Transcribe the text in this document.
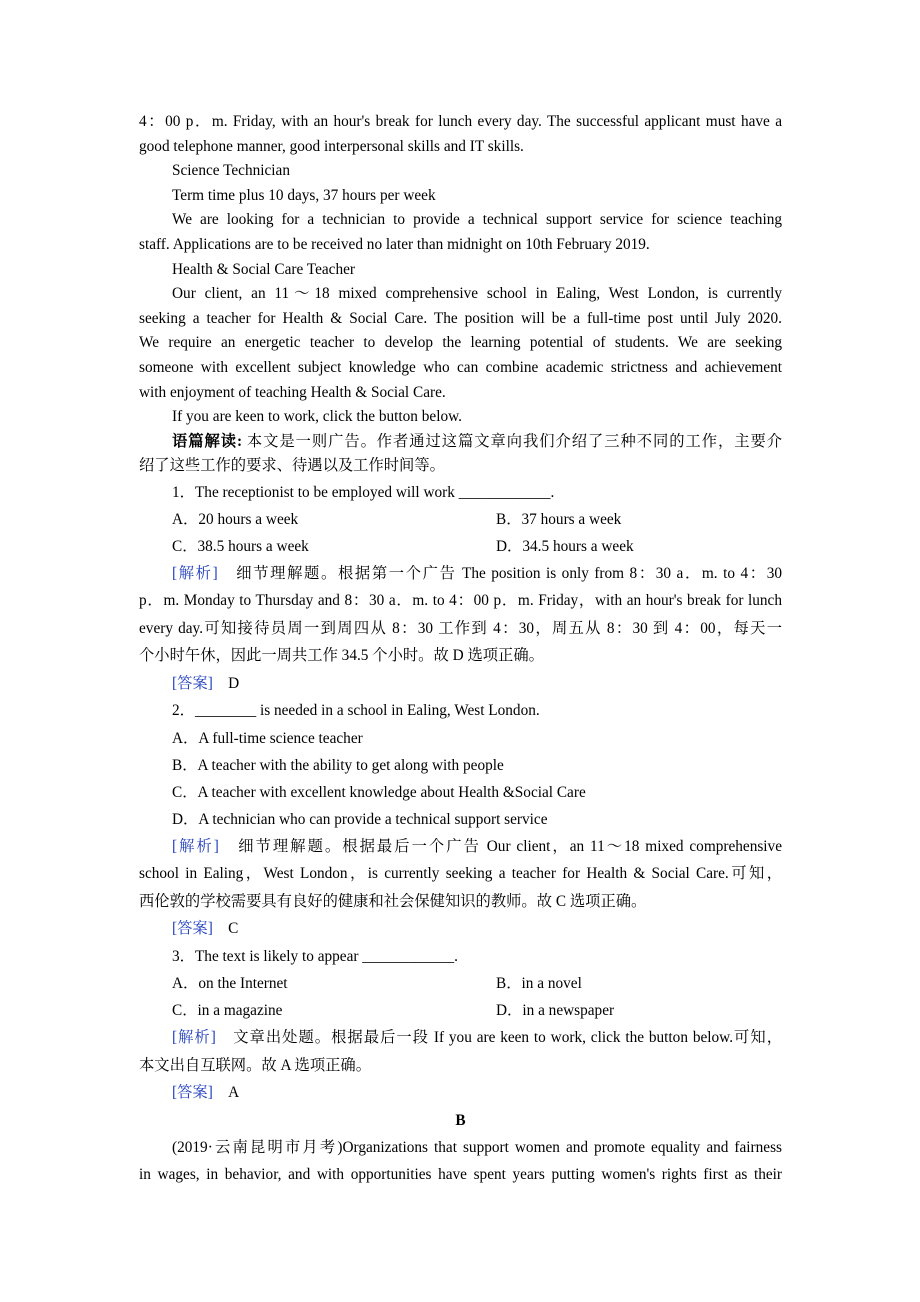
4：00 p．m. Friday, with an hour's break for lunch every day. The successful applicant must have a

good telephone manner, good interpersonal skills and IT skills.

Science Technician

Term time plus 10 days, 37 hours per week

We are looking for a technician to provide a technical support service for science teaching

staff. Applications are to be received no later than midnight on 10th February 2019.

Health & Social Care Teacher

Our client, an 11～18 mixed comprehensive school in Ealing, West London, is currently

seeking a teacher for Health & Social Care. The position will be a full-time post until July 2020.

We require an energetic teacher to develop the learning potential of students. We are seeking

someone with excellent subject knowledge who can combine academic strictness and achievement

with enjoyment of teaching Health & Social Care.

If you are keen to work, click the button below.

语篇解读: 本文是一则广告。作者通过这篇文章向我们介绍了三种不同的工作，主要介

绍了这些工作的要求、待遇以及工作时间等。

1．The receptionist to be employed will work ____________.

A．20 hours a week	B．37 hours a week
C．38.5 hours a week	D．34.5 hours a week

[解析]　细节理解题。根据第一个广告 The position is only from 8：30 a．m. to 4：30

p．m. Monday to Thursday and 8：30 a．m. to 4：00 p．m. Friday，with an hour's break for lunch

every day.可知接待员周一到周四从 8：30 工作到 4：30，周五从 8：30 到 4：00，每天一

个小时午休，因此一周共工作 34.5 个小时。故 D 选项正确。

[答案]　 D

2．________ is needed in a school in Ealing, West London.

A．A full-time science teacher
B．A teacher with the ability to get along with people
C．A teacher with excellent knowledge about Health &Social Care
D．A technician who can provide a technical support service

[解析]　细节理解题。根据最后一个广告 Our client，an 11～18 mixed comprehensive

school in Ealing，West London，is currently seeking a teacher for Health & Social Care.可知，

西伦敦的学校需要具有良好的健康和社会保健知识的教师。故 C 选项正确。

[答案]　 C

3．The text is likely to appear ____________.

A．on the Internet	B．in a novel
C．in a magazine	D．in a newspaper

[解析]　文章出处题。根据最后一段 If you are keen to work, click the button below.可知，

本文出自互联网。故 A 选项正确。

[答案]　 A

B

(2019·云南昆明市月考)Organizations that support women and promote equality and fairness

in wages, in behavior, and with opportunities have spent years putting women's rights first as their
